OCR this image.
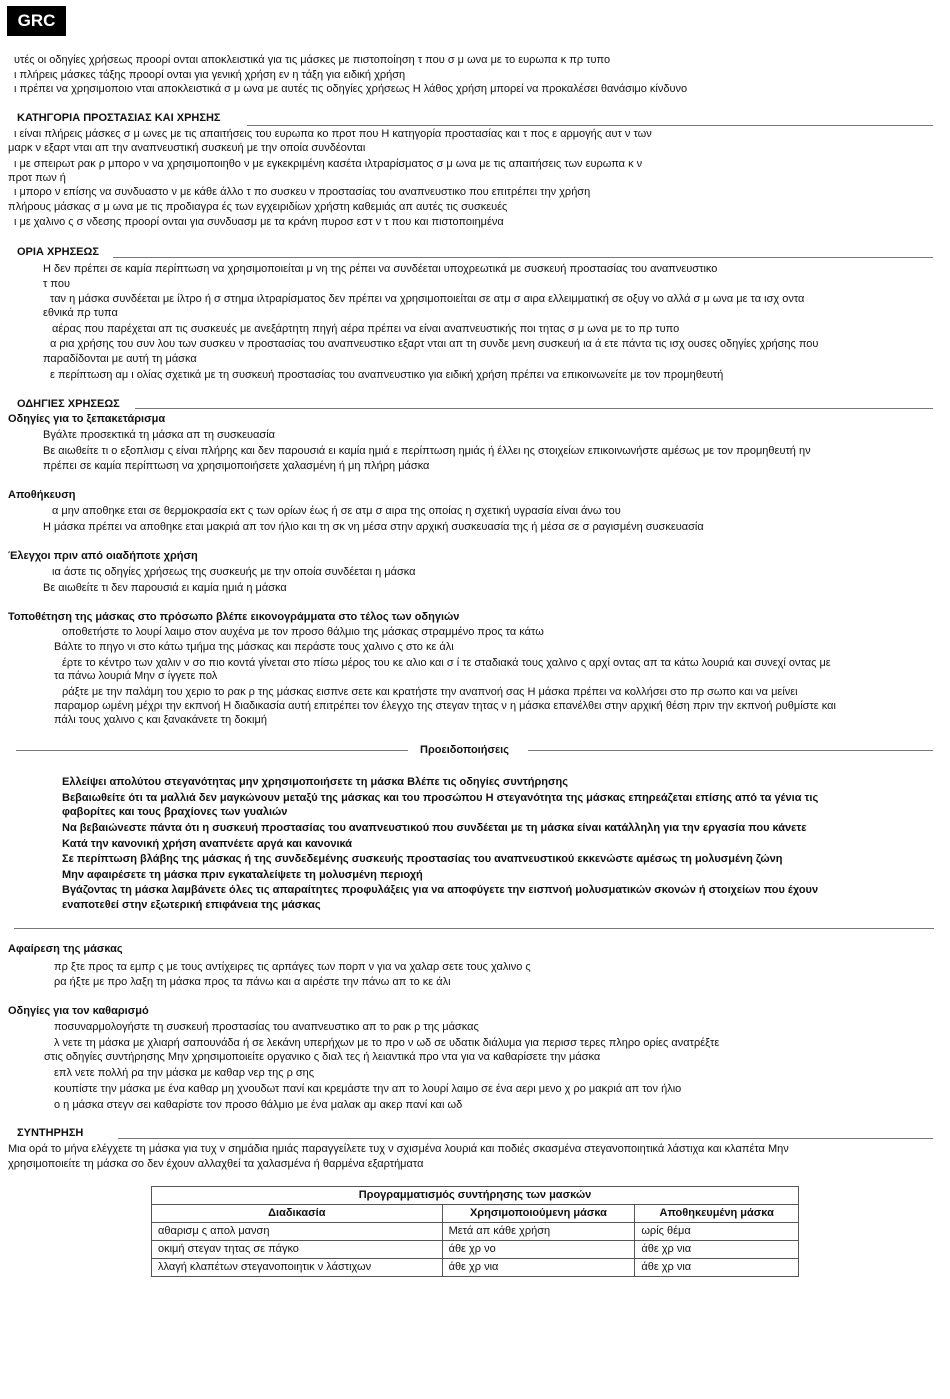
GRC
υτές οι οδηγίες χρήσεως προορί ονται αποκλειστικά για τις μάσκες με πιστοποίηση τ που σ μ ωνα με το ευρωπα κ πρ τυπο
ι πλήρεις μάσκες τάξης προορί ονται για γενική χρήση εν η τάξη για ειδική χρήση
ι πρέπει να χρησιμοποιο νται αποκλειστικά σ μ ωνα με αυτές τις οδηγίες χρήσεως Η λάθος χρήση μπορεί να προκαλέσει θανάσιμο κίνδυνο
ΚΑΤΗΓΟΡΙΑ ΠΡΟΣΤΑΣΙΑΣ ΚΑΙ ΧΡΗΣΗΣ
ι είναι πλήρεις μάσκες σ μ ωνες με τις απαιτήσεις του ευρωπα κο προτ που Η κατηγορία προστασίας και τ πος ε αρμογής αυτ ν των
μαρκ ν εξαρτ νται απ την αναπνευστική συσκευή με την οποία συνδέονται
ι με σπειρωτ ρακ ρ μπορο ν να χρησιμοποιηθο ν με εγκεκριμένη κασέτα ιλτραρίσματος σ μ ωνα με τις απαιτήσεις των ευρωπα κ ν
προτ πων ή
ι μπορο ν επίσης να συνδυαστο ν με κάθε άλλο τ πο συσκευ ν προστασίας του αναπνευστικο που επιτρέπει την χρήση
πλήρους μάσκας σ μ ωνα με τις προδιαγρα ές των εγχειριδίων χρήστη καθεμιάς απ αυτές τις συσκευές
ι με χαλινο ς σ νδεσης προορί ονται για συνδυασμ με τα κράνη πυροσ εστ ν τ που και πιστοποιημένα
ΟΡΙΑ ΧΡΗΣΕΩΣ
Η δεν πρέπει σε καμία περίπτωση να χρησιμοποιείται μ νη της ρέπει να συνδέεται υποχρεωτικά με συσκευή προστασίας του αναπνευστικο
τ που
ταν η μάσκα συνδέεται με ίλτρο ή σ στημα ιλτραρίσματος δεν πρέπει να χρησιμοποιείται σε ατμ σ αιρα ελλειμματική σε οξυγ νο αλλά σ μ ωνα με τα ισχ οντα
εθνικά πρ τυπα
αέρας που παρέχεται απ τις συσκευές με ανεξάρτητη πηγή αέρα πρέπει να είναι αναπνευστικής ποι τητας σ μ ωνα με το πρ τυπο
α ρια χρήσης του συν λου των συσκευ ν προστασίας του αναπνευστικο εξαρτ νται απ τη συνδε μενη συσκευή ια ά ετε πάντα τις ισχ ουσες οδηγίες χρήσης που
παραδίδονται με αυτή τη μάσκα
ε περίπτωση αμ ι ολίας σχετικά με τη συσκευή προστασίας του αναπνευστικο για ειδική χρήση πρέπει να επικοινωνείτε με τον προμηθευτή
ΟΔΗΓΙΕΣ ΧΡΗΣΕΩΣ
Οδηγίες για το ξεπακετάρισμα
Βγάλτε προσεκτικά τη μάσκα απ τη συσκευασία
Βε αιωθείτε τι ο εξοπλισμ ς είναι πλήρης και δεν παρουσιά ει καμία ημιά ε περίπτωση ημιάς ή έλλει ης στοιχείων επικοινωνήστε αμέσως με τον προμηθευτή ην
πρέπει σε καμία περίπτωση να χρησιμοποιήσετε χαλασμένη ή μη πλήρη μάσκα
Αποθήκευση
α μην αποθηκε εται σε θερμοκρασία εκτ ς των ορίων έως ή σε ατμ σ αιρα της οποίας η σχετική υγρασία είναι άνω του
Η μάσκα πρέπει να αποθηκε εται μακριά απ τον ήλιο και τη σκ νη μέσα στην αρχική συσκευασία της ή μέσα σε σ ραγισμένη συσκευασία
Έλεγχοι πριν από οιαδήποτε χρήση
ια άστε τις οδηγίες χρήσεως της συσκευής με την οποία συνδέεται η μάσκα
Βε αιωθείτε τι δεν παρουσιά ει καμία ημιά η μάσκα
Τοποθέτηση της μάσκας στο πρόσωπο βλέπε εικονογράμματα στο τέλος των οδηγιών
οποθετήστε το λουρί λαιμο στον αυχένα με τον προσο θάλμιο της μάσκας στραμμένο προς τα κάτω
Βάλτε το πηγο νι στο κάτω τμήμα της μάσκας και περάστε τους χαλινο ς στο κε άλι
έρτε το κέντρο των χαλιν ν σο πιο κοντά γίνεται στο πίσω μέρος του κε αλιο και σ ί τε σταδιακά τους χαλινο ς αρχί οντας απ τα κάτω λουριά και συνεχί οντας με
τα πάνω λουριά Μην σ ίγγετε πολ
ράξτε με την παλάμη του χεριο το ρακ ρ της μάσκας εισπνε σετε και κρατήστε την αναπνοή σας Η μάσκα πρέπει να κολλήσει στο πρ σωπο και να μείνει
παραμορ ωμένη μέχρι την εκπνοή Η διαδικασία αυτή επιτρέπει τον έλεγχο της στεγαν τητας ν η μάσκα επανέλθει στην αρχική θέση πριν την εκπνοή ρυθμίστε και
πάλι τους χαλινο ς και ξανακάνετε τη δοκιμή
Προειδοποιήσεις
Ελλείψει απολύτου στεγανότητας μην χρησιμοποιήσετε τη μάσκα Βλέπε τις οδηγίες συντήρησης
Βεβαιωθείτε ότι τα μαλλιά δεν μαγκώνουν μεταξύ της μάσκας και του προσώπου Η στεγανότητα της μάσκας επηρεάζεται επίσης από τα γένια τις
φαβορίτες και τους βραχίονες των γυαλιών
Να βεβαιώνεστε πάντα ότι η συσκευή προστασίας του αναπνευστικού που συνδέεται με τη μάσκα είναι κατάλληλη για την εργασία που κάνετε
Κατά την κανονική χρήση αναπνέετε αργά και κανονικά
Σε περίπτωση βλάβης της μάσκας ή της συνδεδεμένης συσκευής προστασίας του αναπνευστικού εκκενώστε αμέσως τη μολυσμένη ζώνη
Μην αφαιρέσετε τη μάσκα πριν εγκαταλείψετε τη μολυσμένη περιοχή
Βγάζοντας τη μάσκα λαμβάνετε όλες τις απαραίτητες προφυλάξεις για να αποφύγετε την εισπνοή μολυσματικών σκονών ή στοιχείων που έχουν
εναποτεθεί στην εξωτερική επιφάνεια της μάσκας
Αφαίρεση της μάσκας
πρ ξτε προς τα εμπρ ς με τους αντίχειρες τις αρπάγες των πορπ ν για να χαλαρ σετε τους χαλινο ς
ρα ήξτε με προ λαξη τη μάσκα προς τα πάνω και α αιρέστε την πάνω απ το κε άλι
Οδηγίες για τον καθαρισμό
ποσυναρμολογήστε τη συσκευή προστασίας του αναπνευστικο απ το ρακ ρ της μάσκας
λ νετε τη μάσκα με χλιαρή σαπουνάδα ή σε λεκάνη υπερήχων με το προ ν ωδ σε υδατικ διάλυμα για περισσ τερες πληρο ορίες ανατρέξτε
στις οδηγίες συντήρησης Μην χρησιμοποιείτε οργανικο ς διαλ τες ή λειαντικά προ ντα για να καθαρίσετε την μάσκα
επλ νετε πολλή ρα την μάσκα με καθαρ νερ της ρ σης
κουπίστε την μάσκα με ένα καθαρ μη χνουδωτ πανί και κρεμάστε την απ το λουρί λαιμο σε ένα αερι μενο χ ρο μακριά απ τον ήλιο
ο η μάσκα στεγν σει καθαρίστε τον προσο θάλμιο με ένα μαλακ αμ ακερ πανί και ωδ
ΣΥΝΤΗΡΗΣΗ
Μια ορά το μήνα ελέγχετε τη μάσκα για τυχ ν σημάδια ημιάς παραγγείλετε τυχ ν σχισμένα λουριά και ποδιές σκασμένα στεγανοποιητικά λάστιχα και κλαπέτα Μην
χρησιμοποιείτε τη μάσκα σο δεν έχουν αλλαχθεί τα χαλασμένα ή θαρμένα εξαρτήματα
Προγραμματισμός συντήρησης των μασκών		
Διαδικασία	Χρησιμοποιούμενη μάσκα	Αποθηκευμένη μάσκα
αθαρισμ ς απολ μανση	Μετά απ κάθε χρήση	ωρίς θέμα
οκιμή στεγαν τητας σε πάγκο	άθε χρ νο	άθε χρ νια
λλαγή κλαπέτων στεγανοποιητικ ν λάστιχων	άθε χρ νια	άθε χρ νια
